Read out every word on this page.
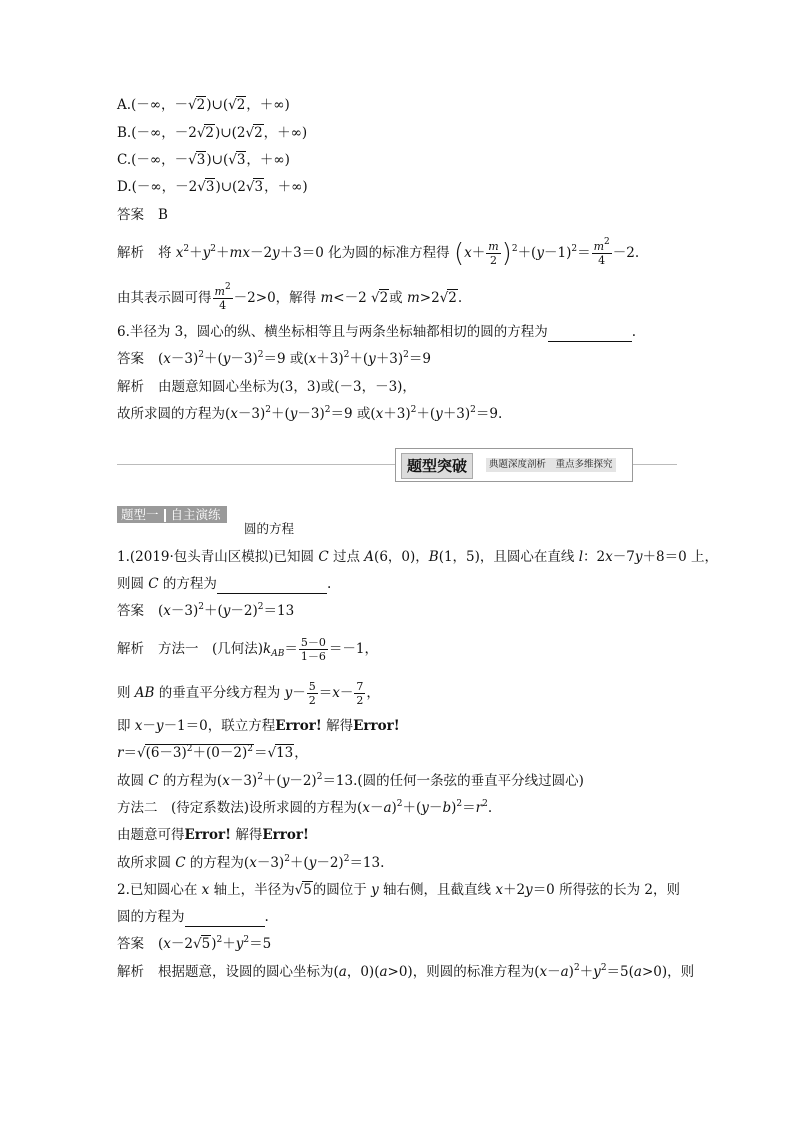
A.(－∞，－√2)∪(√2，＋∞)
B.(－∞，－2√2)∪(2√2，＋∞)
C.(－∞，－√3)∪(√3，＋∞)
D.(－∞，－2√3)∪(2√3，＋∞)
答案 B
解析 将 $x^2+y^2+mx-2y+3=0$ 化为圆的标准方程得 $(x+ \frac{m}{2} )^2+(y-1)^2= \frac{m^2}{4} -2$.
由其表示圆可得 $\frac{m^2}{4} -2>0$，解得 m<－2 √2或 m>2√2.
6.半径为 3，圆心的纵、横坐标相等且与两条坐标轴都相切的圆的方程为	.
答案 $(x-3)^2+(y-3)^2=9$ 或$(x+3)^2+(y+3)^2=9$
解析 由题意知圆心坐标为(3，3)或(－3，－3)，
故所求圆的方程为$(x-3)^2+(y-3)^2=9$ 或$(x+3)^2+(y+3)^2=9$.
题型突破	典题深度剖析　重点多维探究
题型一 自主演练
圆的方程
1.(2019·包头青山区模拟)已知圆 C 过点 A(6，0)，B(1，5)，且圆心在直线 l：2x－7y＋8＝0 上，
则圆 C 的方程为	.
答案 $(x-3)^2+(y-2)^2=13$
解析 方法一　(几何法)$k_{AB}= \frac{5-0}{1-6} =-1$，
则 AB 的垂直平分线方程为 $y- \frac{5}{2} =x- \frac{7}{2}$ ，
即 x－y－1＝0，联立方程Error! 解得Error!
$r=√(6-3)^2+(0-2)^2=√13$，
故圆 C 的方程为$(x-3)^2+(y-2)^2=13$.(圆的任何一条弦的垂直平分线过圆心)
方法二　(待定系数法)设所求圆的方程为$(x-a)^2+(y-b)^2=r^2$.
由题意可得Error! 解得Error!
故所求圆 C 的方程为$(x-3)^2+(y-2)^2=13$.
2.已知圆心在 x 轴上，半径为√5的圆位于 y 轴右侧，且截直线 x＋2y＝0 所得弦的长为 2，则
圆的方程为	.
答案 $(x-2√5)^2+y^2=5$
解析 根据题意，设圆的圆心坐标为(a，0)(a>0)，则圆的标准方程为$(x-a)^2+y^2=5(a>0)$，则
